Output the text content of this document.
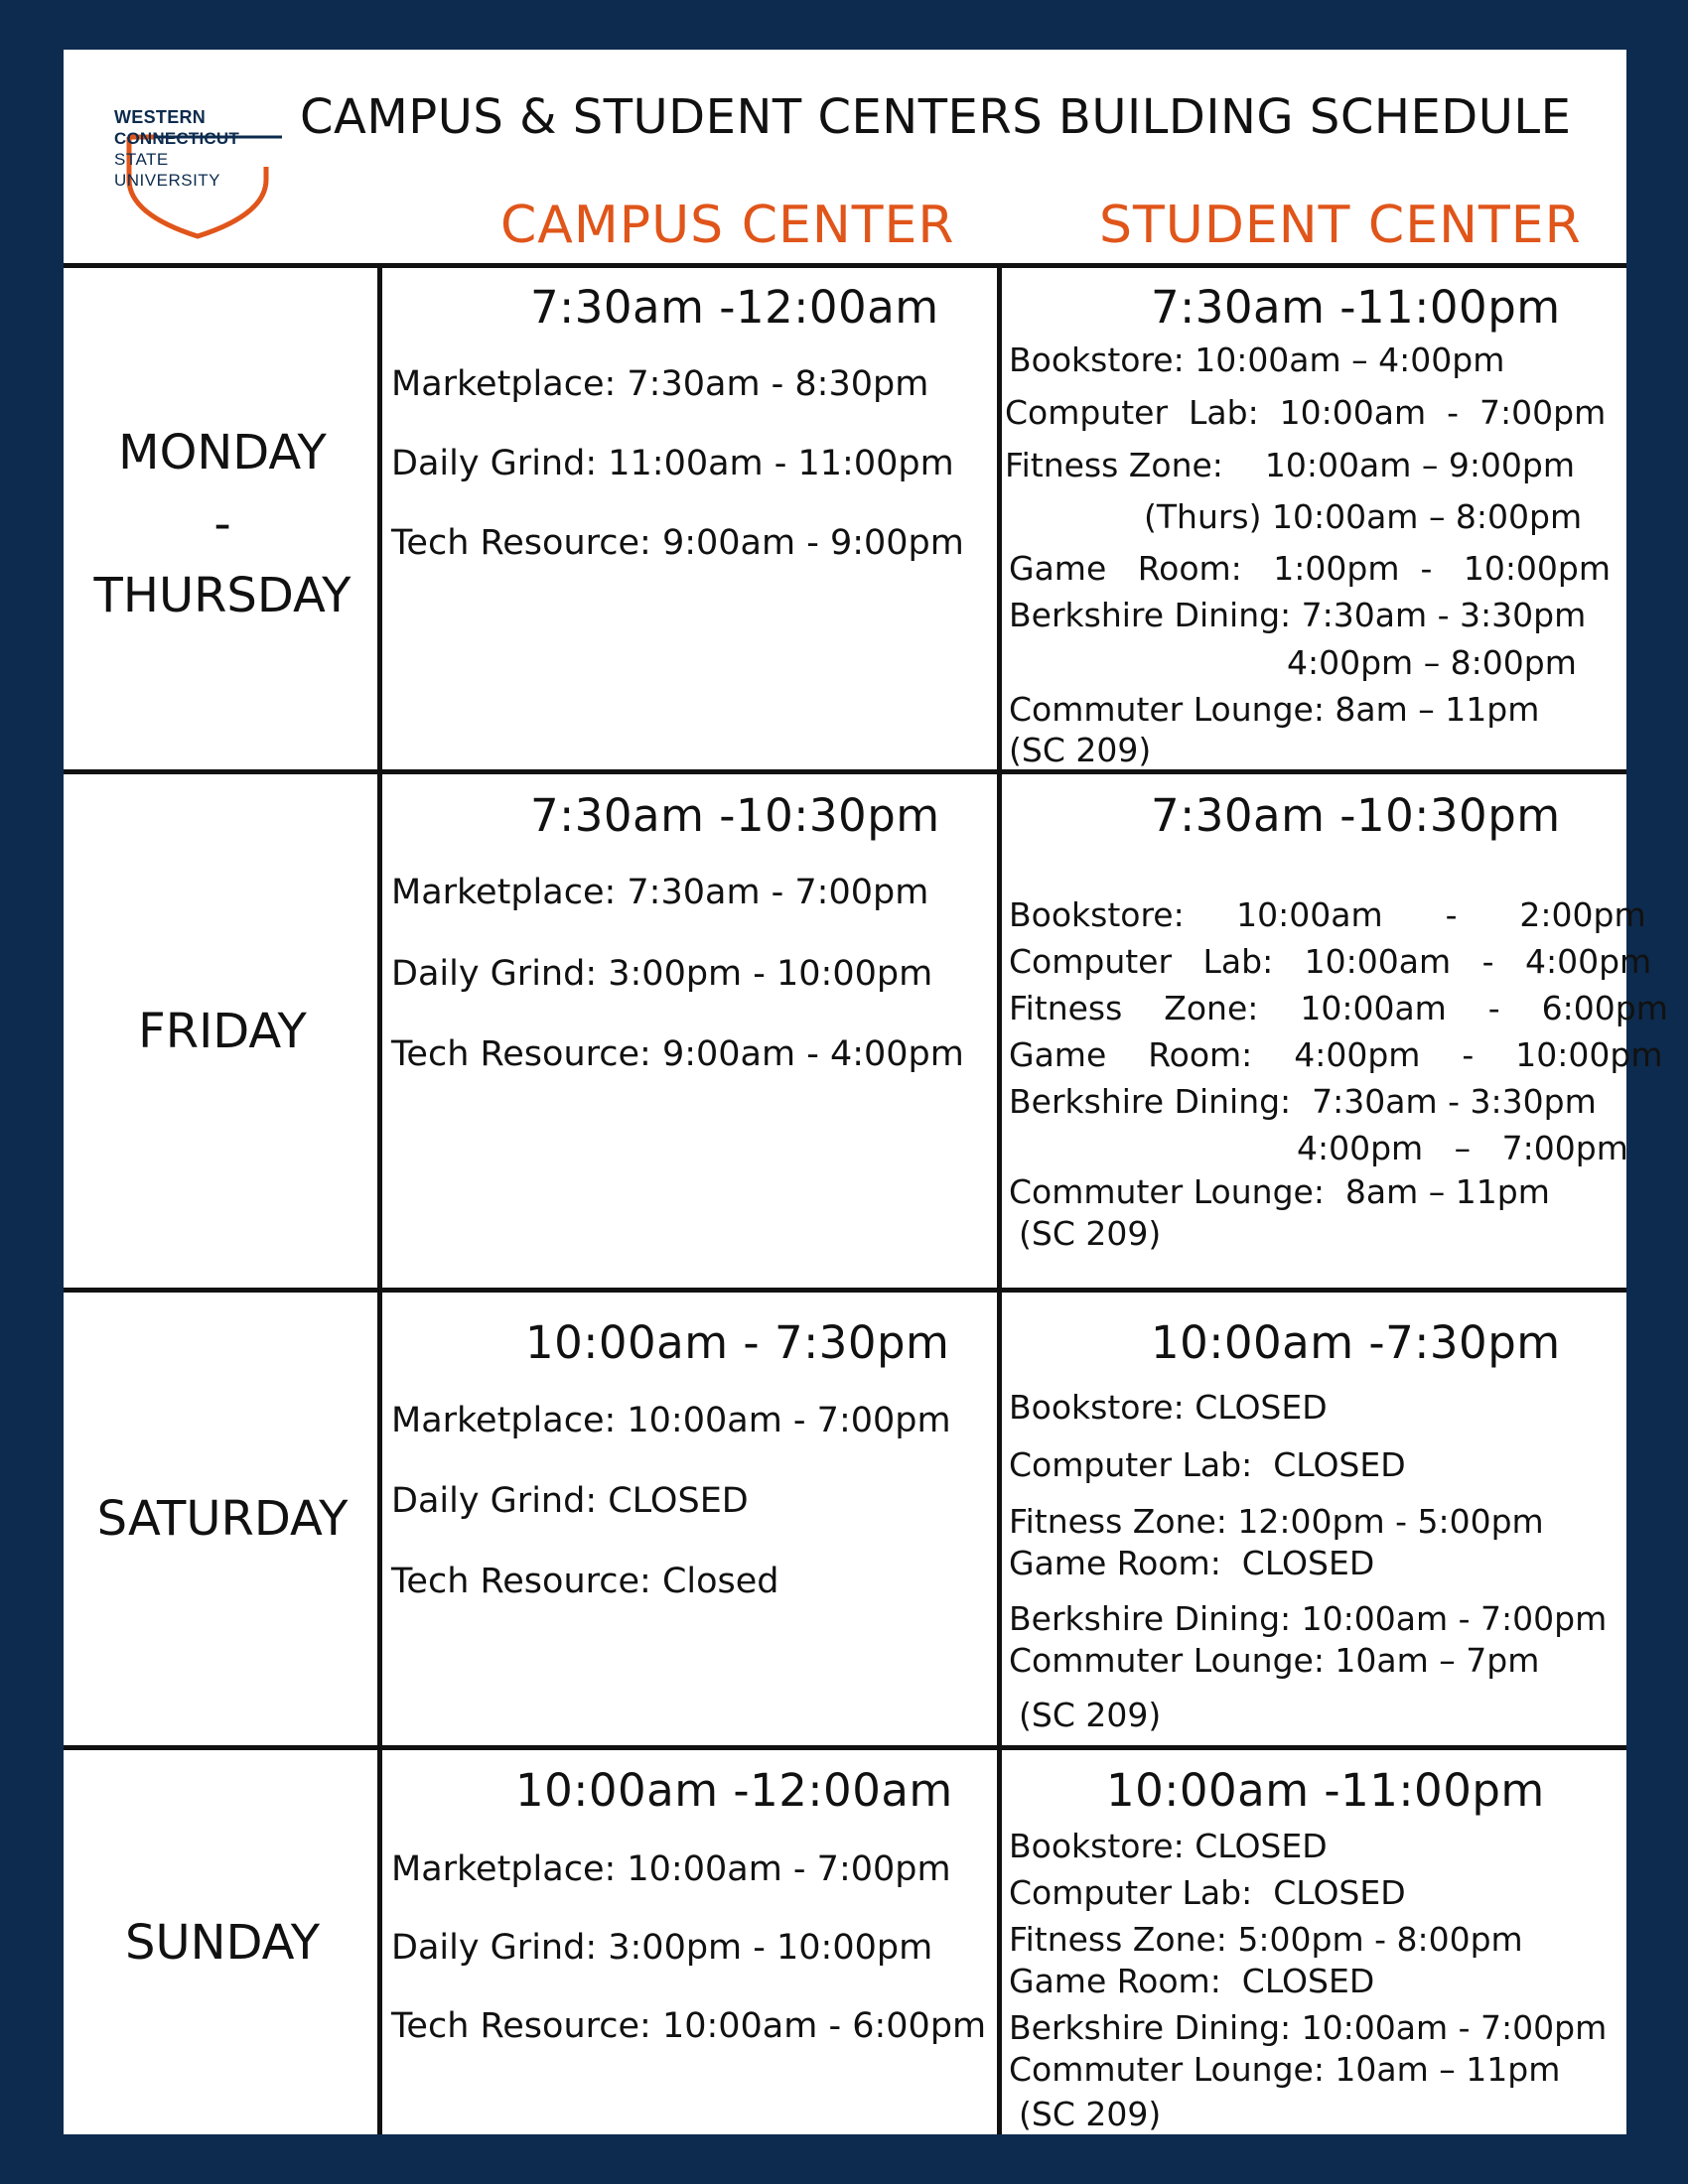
WESTERN
CONNECTICUT
STATE
UNIVERSITY
CAMPUS & STUDENT CENTERS BUILDING SCHEDULE
CAMPUS CENTER	STUDENT CENTER
MONDAY
-
THURSDAY
7:30am -12:00am
Marketplace: 7:30am - 8:30pm
Daily Grind: 11:00am - 11:00pm
Tech Resource: 9:00am - 9:00pm
7:30am -11:00pm
Bookstore: 10:00am – 4:00pm
Computer  Lab:  10:00am  -  7:00pm
Fitness Zone:    10:00am – 9:00pm
(Thurs) 10:00am – 8:00pm
Game   Room:   1:00pm  -   10:00pm
Berkshire Dining: 7:30am - 3:30pm
4:00pm – 8:00pm
Commuter Lounge: 8am – 11pm
(SC 209)
FRIDAY
7:30am -10:30pm
Marketplace: 7:30am - 7:00pm
Daily Grind: 3:00pm - 10:00pm
Tech Resource: 9:00am - 4:00pm
7:30am -10:30pm
Bookstore:     10:00am      -      2:00pm
Computer   Lab:   10:00am   -   4:00pm
Fitness    Zone:    10:00am    -    6:00pm
Game    Room:    4:00pm    -    10:00pm
Berkshire Dining:  7:30am - 3:30pm
4:00pm   –   7:00pm
Commuter Lounge:  8am – 11pm
(SC 209)
SATURDAY
10:00am - 7:30pm
Marketplace: 10:00am - 7:00pm
Daily Grind: CLOSED
Tech Resource: Closed
10:00am -7:30pm
Bookstore: CLOSED
Computer Lab:  CLOSED
Fitness Zone: 12:00pm - 5:00pm
Game Room:  CLOSED
Berkshire Dining: 10:00am - 7:00pm
Commuter Lounge: 10am – 7pm
(SC 209)
SUNDAY
10:00am -12:00am
Marketplace: 10:00am - 7:00pm
Daily Grind: 3:00pm - 10:00pm
Tech Resource: 10:00am - 6:00pm
10:00am -11:00pm
Bookstore: CLOSED
Computer Lab:  CLOSED
Fitness Zone: 5:00pm - 8:00pm
Game Room:  CLOSED
Berkshire Dining: 10:00am - 7:00pm
Commuter Lounge: 10am – 11pm
(SC 209)
